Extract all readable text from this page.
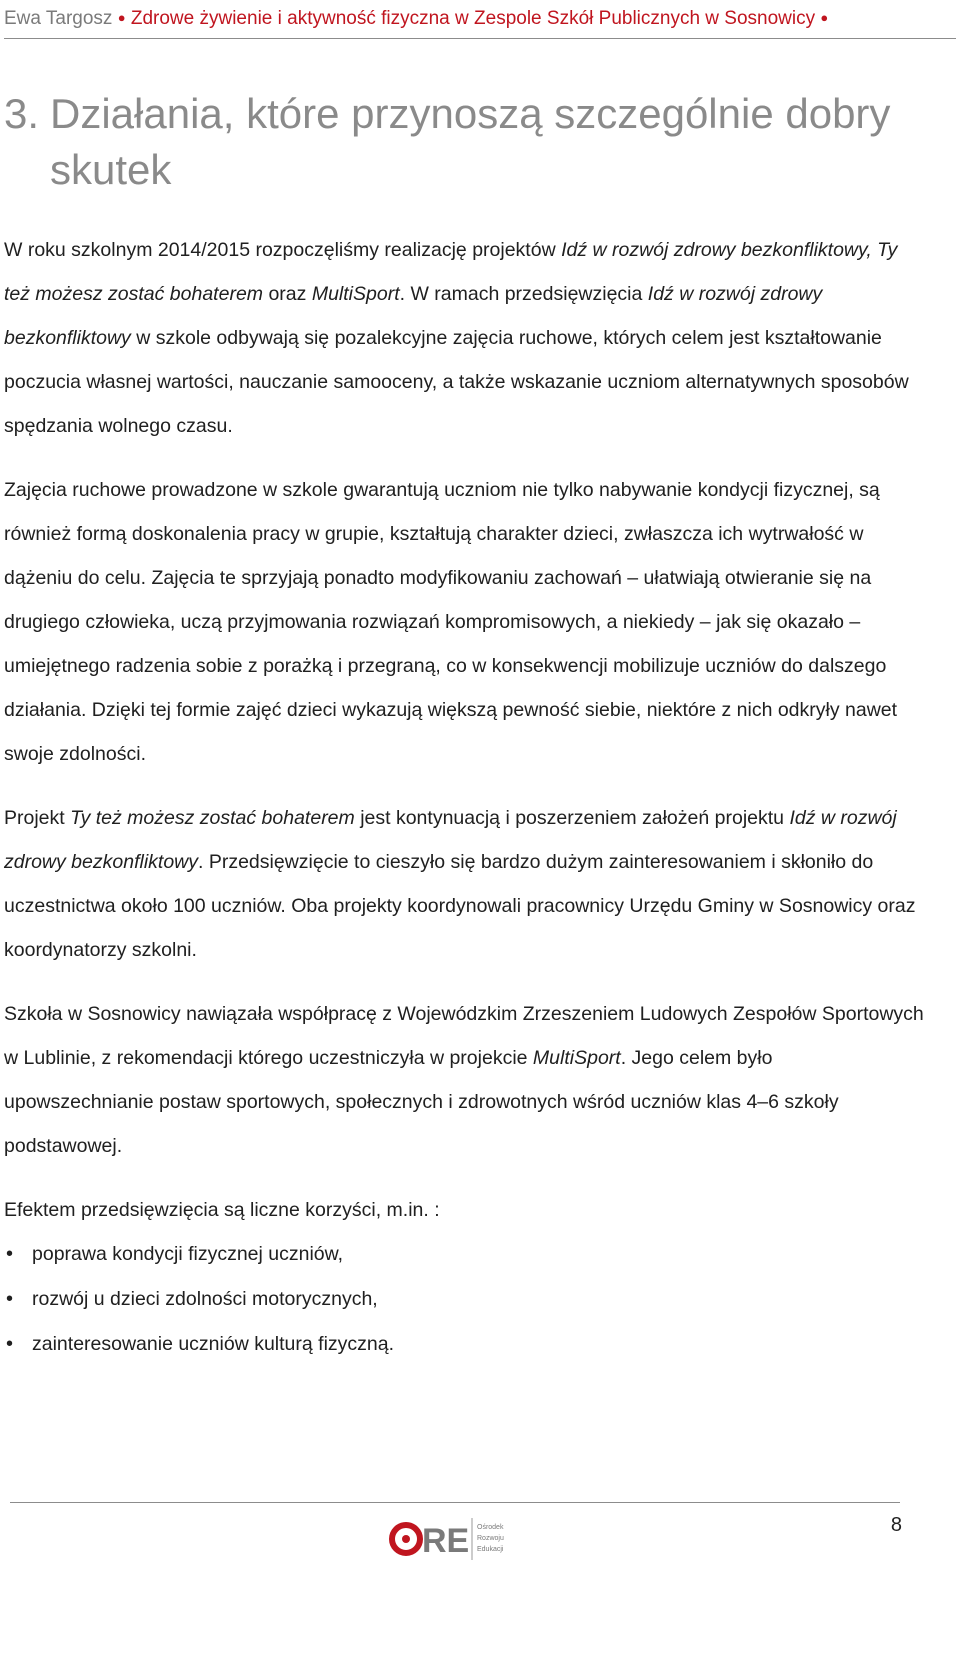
Ewa Targosz ● Zdrowe żywienie i aktywność fizyczna w Zespole Szkół Publicznych w Sosnowicy ●
3. Działania, które przynoszą szczególnie dobry
skutek

W roku szkolnym 2014/2015 rozpoczęliśmy realizację projektów Idź w rozwój zdrowy bezkonfliktowy, Ty też możesz zostać bohaterem oraz MultiSport. W ramach przedsięwzięcia Idź w rozwój zdrowy bezkonfliktowy w szkole odbywają się pozalekcyjne zajęcia ruchowe, których celem jest kształtowanie poczucia własnej wartości, nauczanie samooceny, a także wskazanie uczniom alternatywnych sposobów spędzania wolnego czasu.

Zajęcia ruchowe prowadzone w szkole gwarantują uczniom nie tylko nabywanie kondycji fizycznej, są również formą doskonalenia pracy w grupie, kształtują charakter dzieci, zwłaszcza ich wytrwałość w dążeniu do celu. Zajęcia te sprzyjają ponadto modyfikowaniu zachowań – ułatwiają otwieranie się na drugiego człowieka, uczą przyjmowania rozwiązań kompromisowych, a niekiedy – jak się okazało – umiejętnego radzenia sobie z porażką i przegraną, co w konsekwencji mobilizuje uczniów do dalszego działania. Dzięki tej formie zajęć dzieci wykazują większą pewność siebie, niektóre z nich odkryły nawet swoje zdolności.

Projekt Ty też możesz zostać bohaterem jest kontynuacją i poszerzeniem założeń projektu Idź w rozwój zdrowy bezkonfliktowy. Przedsięwzięcie to cieszyło się bardzo dużym zainteresowaniem i skłoniło do uczestnictwa około 100 uczniów. Oba projekty koordynowali pracownicy Urzędu Gminy w Sosnowicy oraz koordynatorzy szkolni.

Szkoła w Sosnowicy nawiązała współpracę z Wojewódzkim Zrzeszeniem Ludowych Zespołów Sportowych w Lublinie, z rekomendacji którego uczestniczyła w projekcie MultiSport. Jego celem było upowszechnianie postaw sportowych, społecznych i zdrowotnych wśród uczniów klas 4–6 szkoły podstawowej.

Efektem przedsięwzięcia są liczne korzyści, m.in. :

• poprawa kondycji fizycznej uczniów,
• rozwój u dzieci zdolności motorycznych,
• zainteresowanie uczniów kulturą fizyczną.
RE Ośrodek
Rozwoju
Edukacji
8
